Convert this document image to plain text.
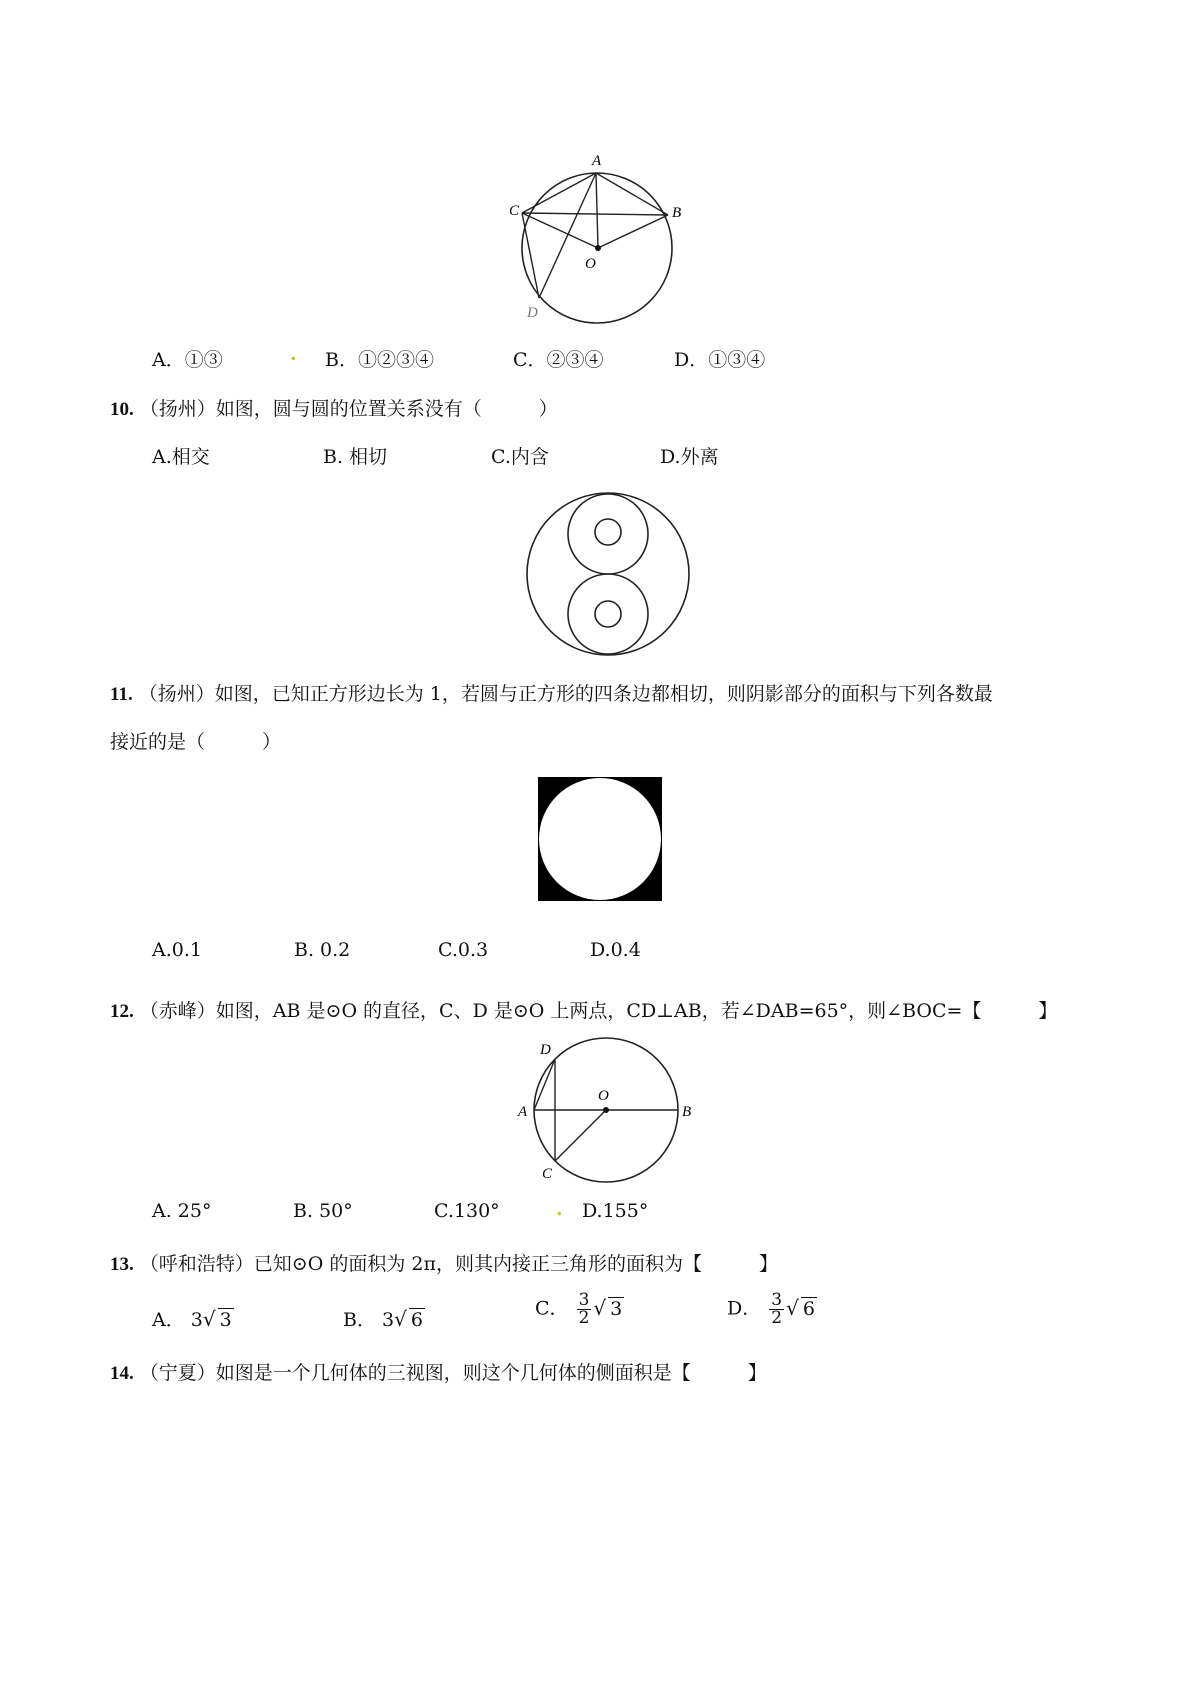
A
C	B
O
D
A．①③	. B．①②③④	C．②③④	D．①③④
10. （扬州）如图，圆与圆的位置关系没有（　　　）
A.相交	B. 相切	C.内含	D.外离
11. （扬州）如图，已知正方形边长为 1，若圆与正方形的四条边都相切，则阴影部分的面积与下列各数最
接近的是（　　　）
A.0.1	B. 0.2	C.0.3	D.0.4
12. （赤峰）如图，AB 是⊙O 的直径，C、D 是⊙O 上两点，CD⊥AB，若∠DAB=65°，则∠BOC=【　　　】
D
A
O
B
C
A. 25°	B. 50°	C.130°	. D.155°
13. （呼和浩特）已知⊙O 的面积为 2π，则其内接正三角形的面积为【　　　】
A． 3√ 3	B． 3√ 6
C． $\frac{3}{2}$ √ 3	D． $\frac{3}{2}$ √ 6
14. （宁夏）如图是一个几何体的三视图，则这个几何体的侧面积是【　　　】
